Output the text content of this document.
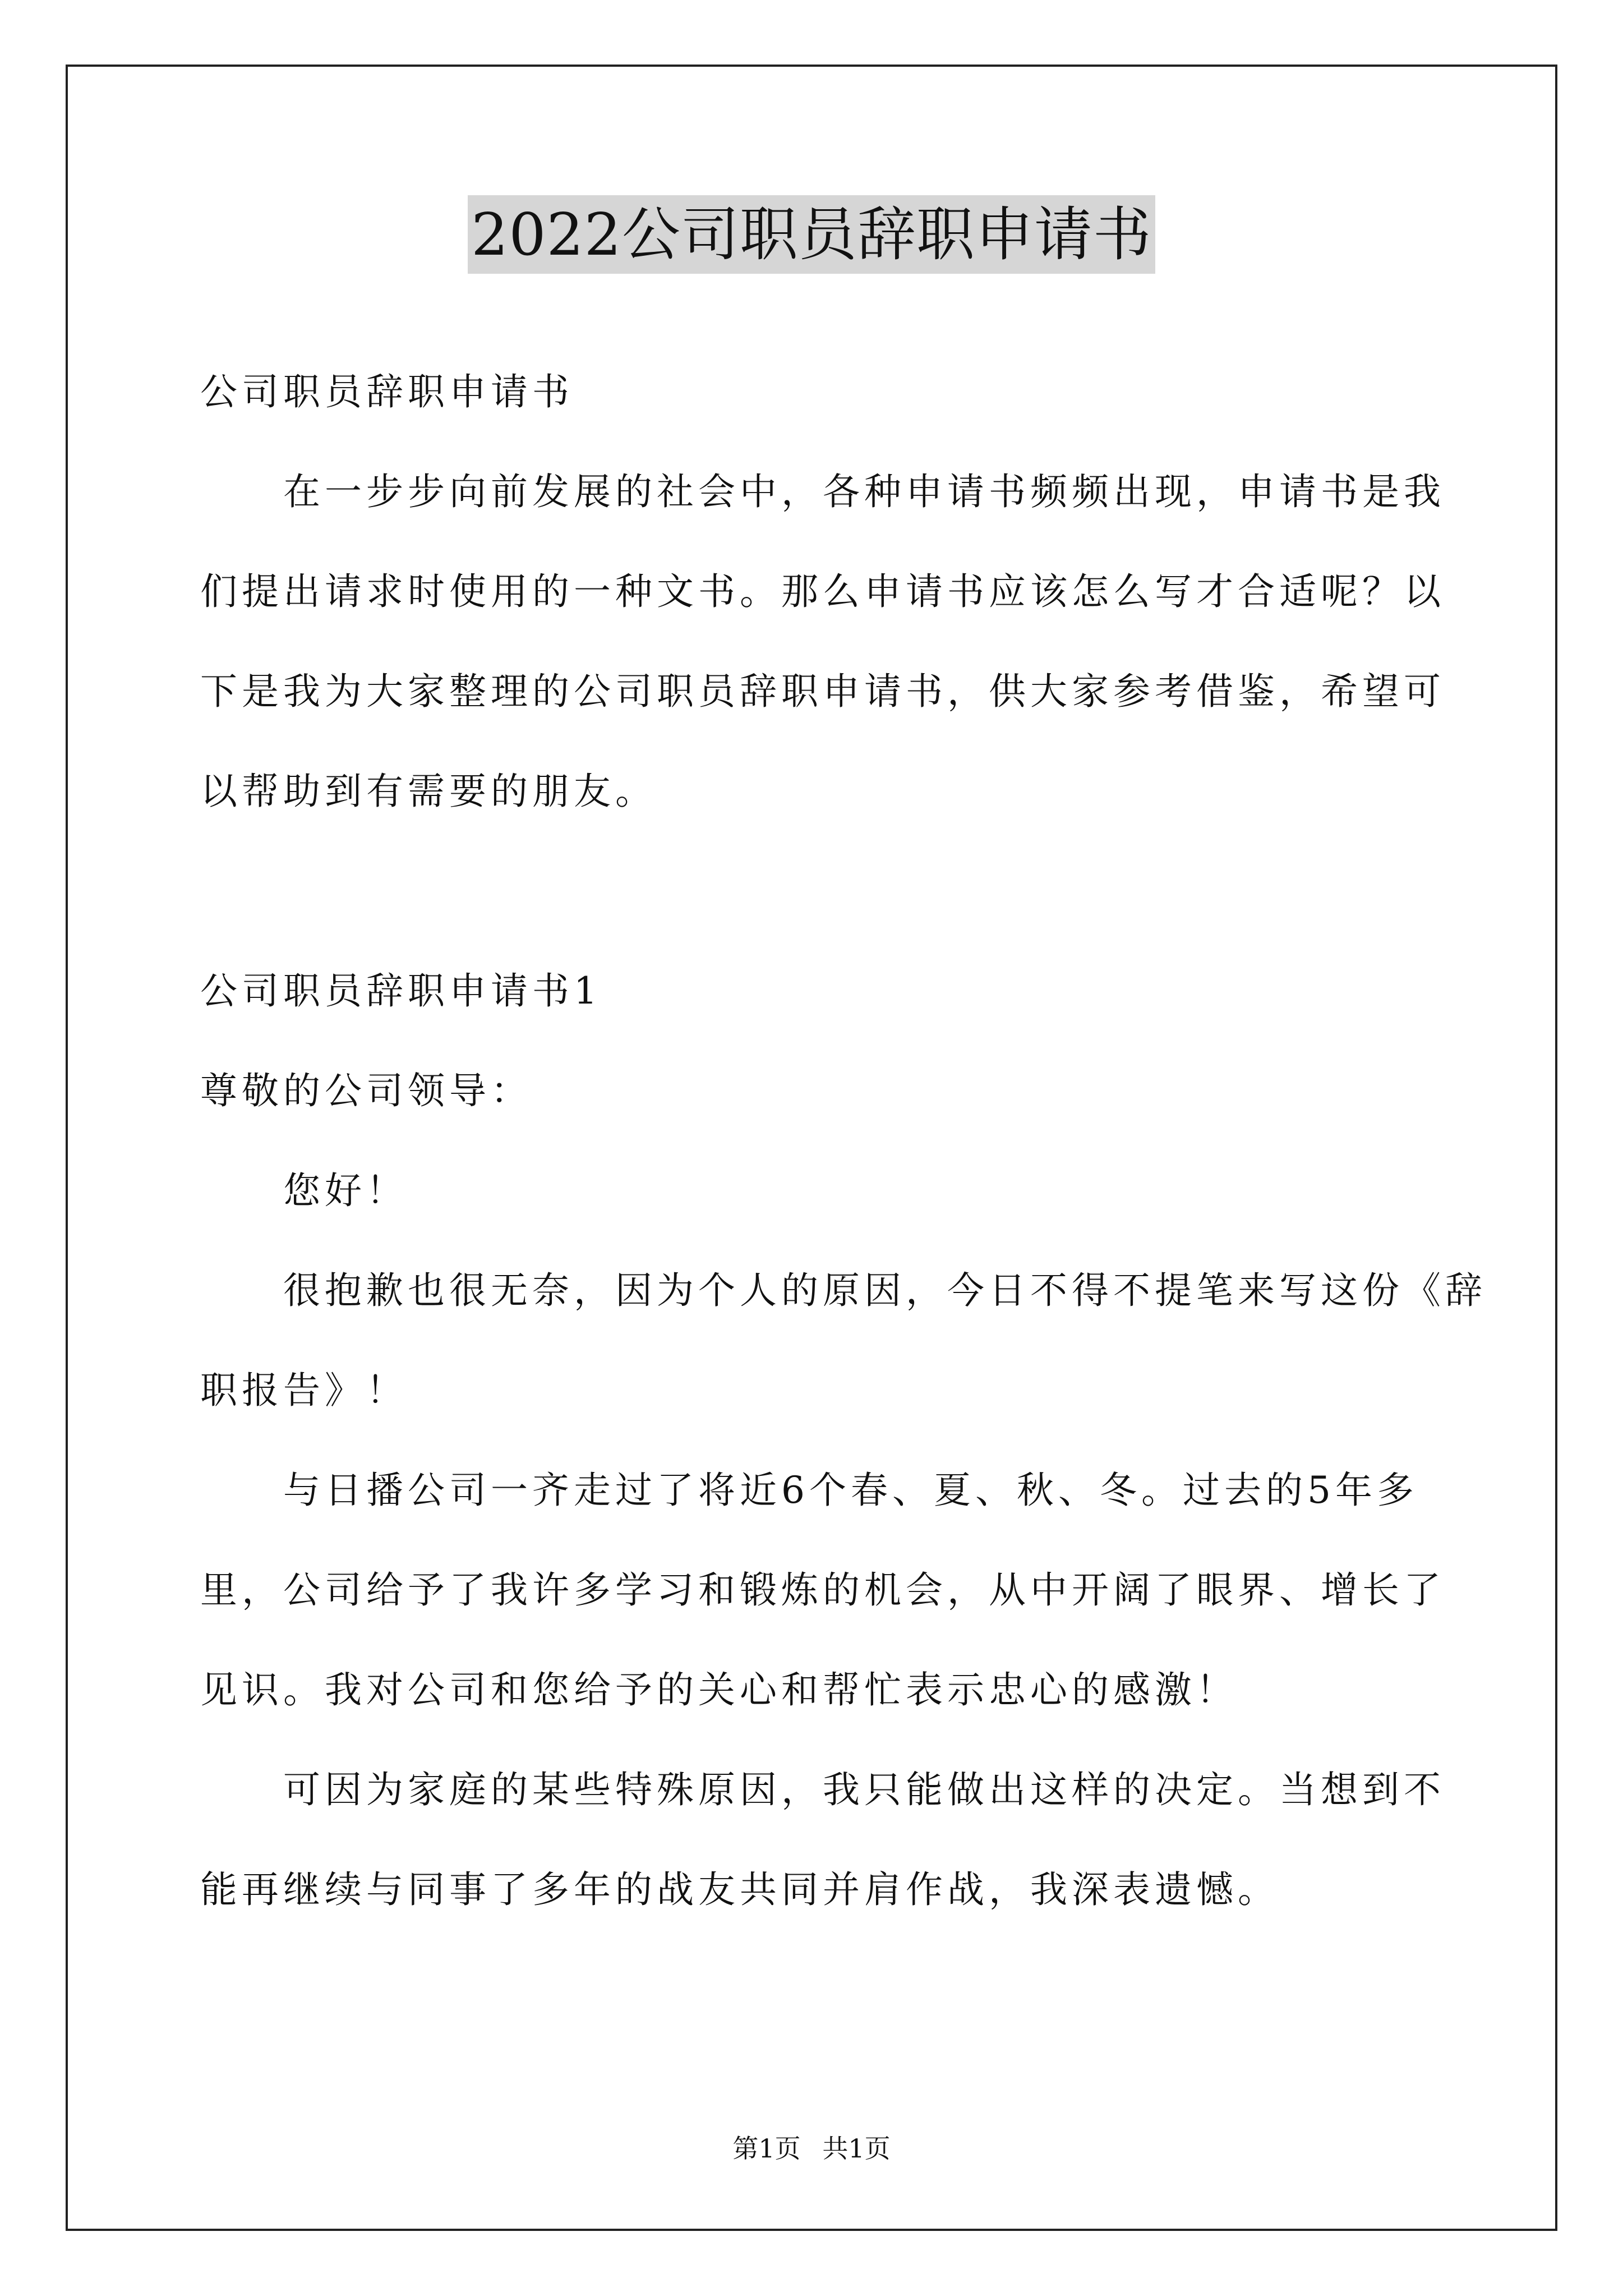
2022公司职员辞职申请书

公司职员辞职申请书

在一步步向前发展的社会中，各种申请书频频出现，申请书是我

们提出请求时使用的一种文书。那么申请书应该怎么写才合适呢？以

下是我为大家整理的公司职员辞职申请书，供大家参考借鉴，希望可

以帮助到有需要的朋友。

公司职员辞职申请书1

尊敬的公司领导：

您好！

很抱歉也很无奈，因为个人的原因，今日不得不提笔来写这份《辞

职报告》！

与日播公司一齐走过了将近6个春、夏、秋、冬。过去的5年多

里，公司给予了我许多学习和锻炼的机会，从中开阔了眼界、增长了

见识。我对公司和您给予的关心和帮忙表示忠心的感激！

可因为家庭的某些特殊原因，我只能做出这样的决定。当想到不

能再继续与同事了多年的战友共同并肩作战，我深表遗憾。

第1页 共1页
